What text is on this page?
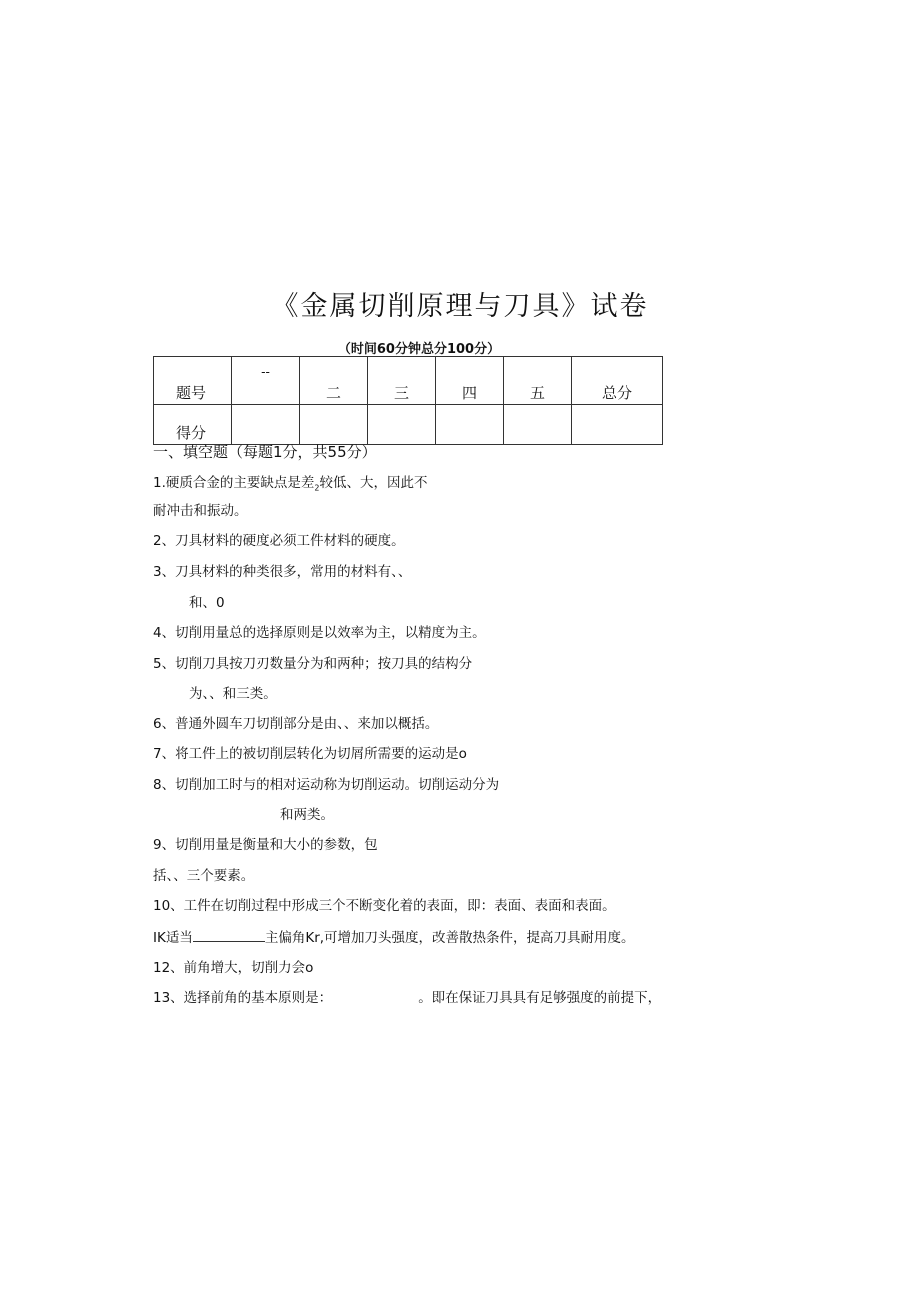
《金属切削原理与刀具》试卷
（时间60分钟总分100分）
题号	--	二	三	四	五	总分
得分						
一、填空题（每题1分，共55分）
1.硬质合金的主要缺点是差$_2$较低、大，因此不
耐冲击和振动。
2、刀具材料的硬度必须工件材料的硬度。
3、刀具材料的种类很多，常用的材料有、、
和、0
4、切削用量总的选择原则是以效率为主，以精度为主。
5、切削刀具按刀刃数量分为和两种；按刀具的结构分
为、、和三类。
6、普通外圆车刀切削部分是由、、来加以概括。
7、将工件上的被切削层转化为切屑所需要的运动是o
8、切削加工时与的相对运动称为切削运动。切削运动分为
和两类。
9、切削用量是衡量和大小的参数，包
括、、三个要素。
10、工件在切削过程中形成三个不断变化着的表面，即：表面、表面和表面。
IK适当	主偏角Kr,可增加刀头强度，改善散热条件，提高刀具耐用度。
12、前角增大，切削力会o
13、选择前角的基本原则是：	。即在保证刀具具有足够强度的前提下，
